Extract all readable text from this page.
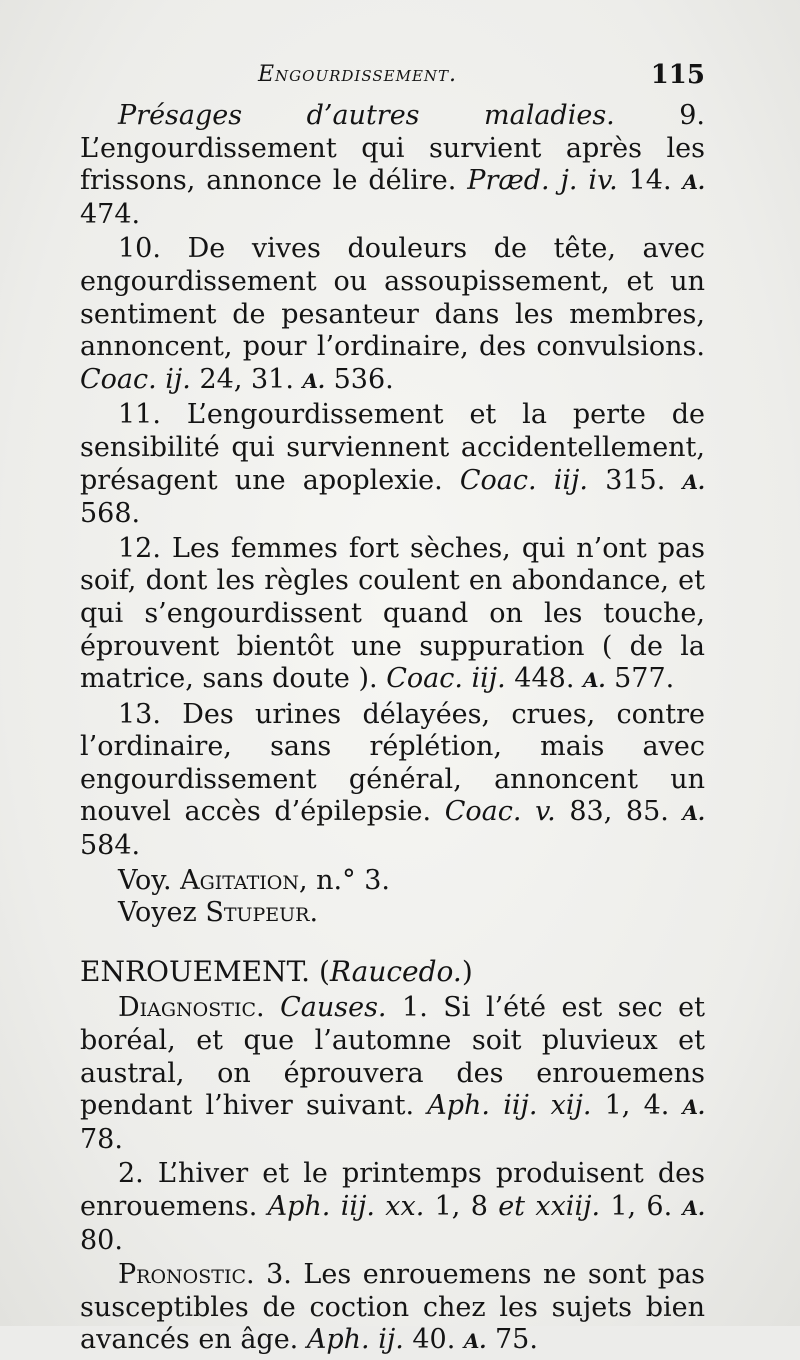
Engourdissement.	115

Présages d’autres maladies. 9. L’engourdissement qui survient après les frissons, annonce le délire. Præd. j. iv. 14. A. 474.

10. De vives douleurs de tête, avec engourdissement ou assoupissement, et un sentiment de pesanteur dans les membres, annoncent, pour l’ordinaire, des convulsions. Coac. ij. 24, 31. A. 536.

11. L’engourdissement et la perte de sensibilité qui surviennent accidentellement, présagent une apoplexie. Coac. iij. 315. A. 568.

12. Les femmes fort sèches, qui n’ont pas soif, dont les règles coulent en abondance, et qui s’engourdissent quand on les touche, éprouvent bientôt une suppuration ( de la matrice, sans doute ). Coac. iij. 448. A. 577.

13. Des urines délayées, crues, contre l’ordinaire, sans réplétion, mais avec engourdissement général, annoncent un nouvel accès d’épilepsie. Coac. v. 83, 85. A. 584.

Voy. Agitation, n.° 3.

Voyez Stupeur.

ENROUEMENT. (Raucedo.)

Diagnostic. Causes. 1. Si l’été est sec et boréal, et que l’automne soit pluvieux et austral, on éprouvera des enrouemens pendant l’hiver suivant. Aph. iij. xij. 1, 4. A. 78.

2. L’hiver et le printemps produisent des enrouemens. Aph. iij. xx. 1, 8 et xxiij. 1, 6. A. 80.

Pronostic. 3. Les enrouemens ne sont pas susceptibles de coction chez les sujets bien avancés en âge. Aph. ij. 40. A. 75.
